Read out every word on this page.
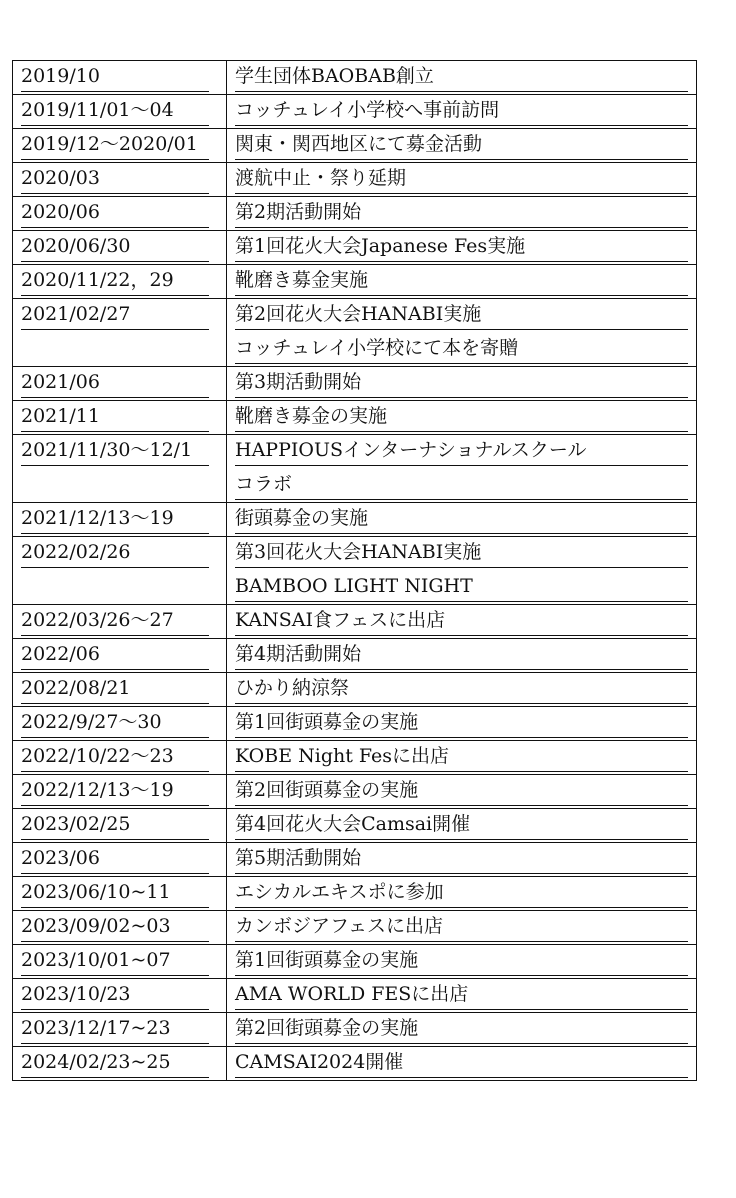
2019/10	学生団体BAOBAB創立

2019/11/01～04	コッチュレイ小学校へ事前訪問

2019/12～2020/01	関東・関西地区にて募金活動

2020/03	渡航中止・祭り延期

2020/06	第2期活動開始

2020/06/30	第1回花火大会Japanese Fes実施

2020/11/22，29	靴磨き募金実施

2021/02/27	第2回花火大会HANABI実施
コッチュレイ小学校にて本を寄贈

2021/06	第3期活動開始

2021/11	靴磨き募金の実施

2021/11/30～12/1	HAPPIOUSインターナショナルスクール
コラボ

2021/12/13～19	街頭募金の実施

2022/02/26	第3回花火大会HANABI実施
BAMBOO LIGHT NIGHT

2022/03/26～27	KANSAI食フェスに出店

2022/06	第4期活動開始

2022/08/21	ひかり納涼祭

2022/9/27～30	第1回街頭募金の実施

2022/10/22～23	KOBE Night Fesに出店

2022/12/13～19	第2回街頭募金の実施

2023/02/25	第4回花火大会Camsai開催

2023/06	第5期活動開始

2023/06/10~11	エシカルエキスポに参加

2023/09/02~03	カンボジアフェスに出店

2023/10/01~07	第1回街頭募金の実施

2023/10/23	AMA WORLD FESに出店

2023/12/17~23	第2回街頭募金の実施

2024/02/23~25	CAMSAI2024開催
